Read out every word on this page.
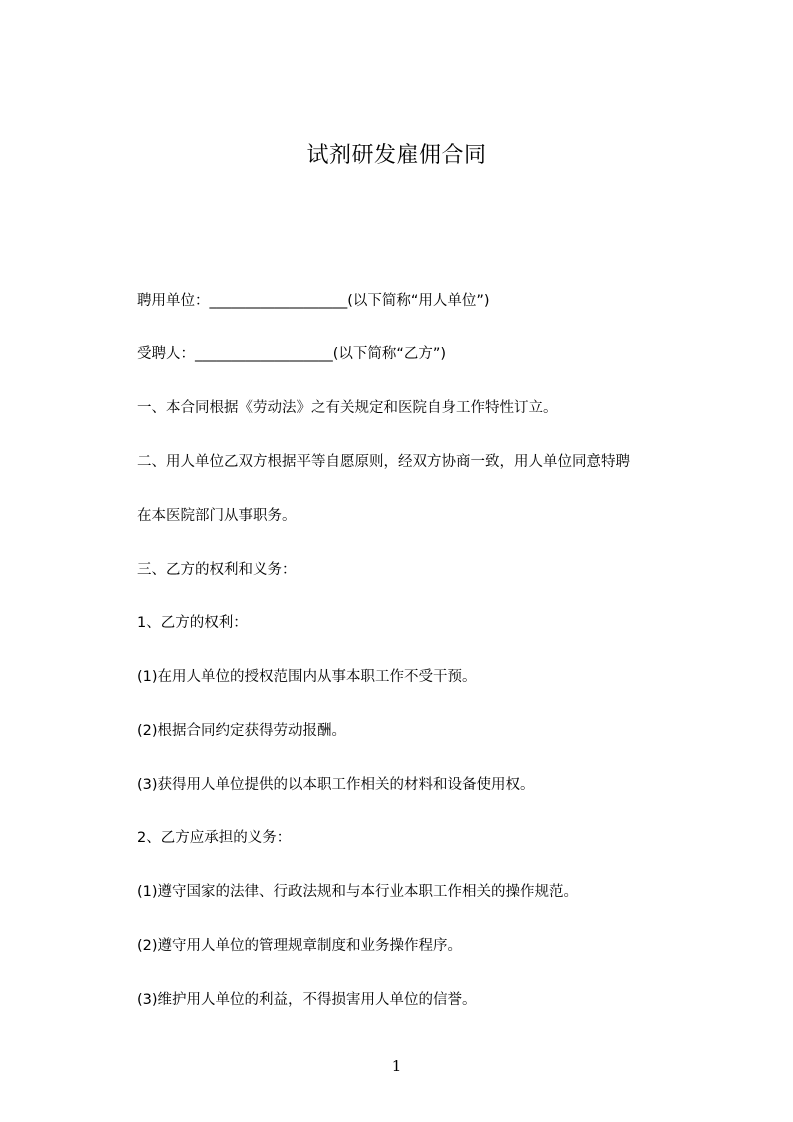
试剂研发雇佣合同
聘用单位：___________________(以下简称“用人单位”)
受聘人：___________________(以下简称“乙方”)
一、本合同根据《劳动法》之有关规定和医院自身工作特性订立。
二、用人单位乙双方根据平等自愿原则，经双方协商一致，用人单位同意特聘
在本医院部门从事职务。
三、乙方的权利和义务：
1、乙方的权利：
(1)在用人单位的授权范围内从事本职工作不受干预。
(2)根据合同约定获得劳动报酬。
(3)获得用人单位提供的以本职工作相关的材料和设备使用权。
2、乙方应承担的义务：
(1)遵守国家的法律、行政法规和与本行业本职工作相关的操作规范。
(2)遵守用人单位的管理规章制度和业务操作程序。
(3)维护用人单位的利益，不得损害用人单位的信誉。
1
